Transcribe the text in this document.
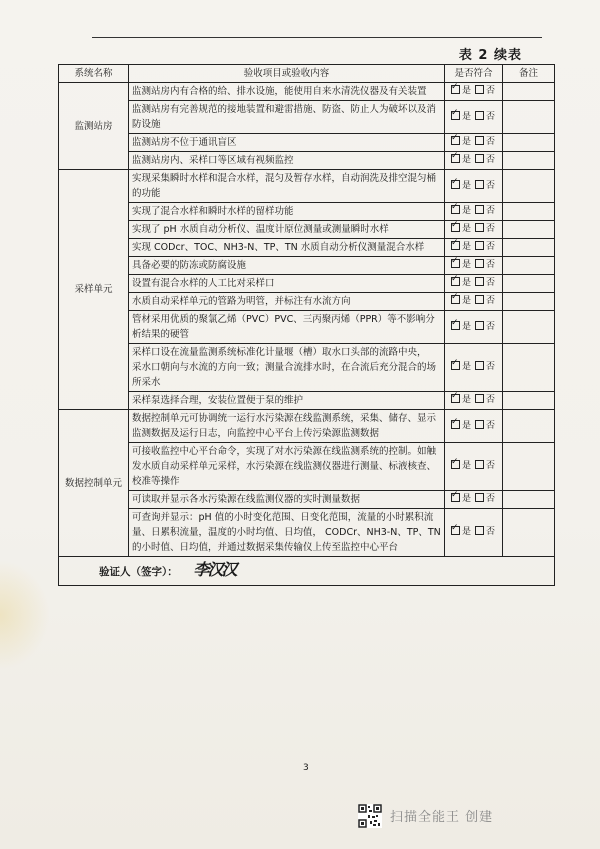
表 2 续表
系统名称	验收项目或验收内容	是否符合	备注
监测站房	监测站房内有合格的给、排水设施，能使用自来水清洗仪器及有关装置	✓是 否	
	监测站房有完善规范的接地装置和避雷措施、防盗、防止人为破坏以及消防设施	✓是 否	
	监测站房不位于通讯盲区	✓是 否	
	监测站房内、采样口等区域有视频监控	✓是 否	
采样单元	实现采集瞬时水样和混合水样，混匀及暂存水样，自动润洗及排空混匀桶的功能	✓是 否	
	实现了混合水样和瞬时水样的留样功能	✓是 否	
	实现了 pH 水质自动分析仪、温度计原位测量或测量瞬时水样	✓是 否	
	实现 CODcr、TOC、NH3-N、TP、TN 水质自动分析仪测量混合水样	✓是 否	
	具备必要的防冻或防腐设施	✓是 否	
	设置有混合水样的人工比对采样口	✓是 否	
	水质自动采样单元的管路为明管，并标注有水流方向	✓是 否	
	管材采用优质的聚氯乙烯（PVC）PVC、三丙聚丙烯（PPR）等不影响分析结果的硬管	✓是 否	
	采样口设在流量监测系统标准化计量堰（槽）取水口头部的流路中央，
采水口朝向与水流的方向一致；测量合流排水时，在合流后充分混合的场所采水	✓是 否	
	采样泵选择合理，安装位置便于泵的维护	✓是 否	
数据控制单元	数据控制单元可协调统一运行水污染源在线监测系统，采集、储存、显示监测数据及运行日志，向监控中心平台上传污染源监测数据	✓是 否	
	可接收监控中心平台命令，实现了对水污染源在线监测系统的控制。如触发水质自动采样单元采样，水污染源在线监测仪器进行测量、标液核查、校准等操作	✓是 否	
	可读取并显示各水污染源在线监测仪器的实时测量数据	✓是 否	
	可查询并显示：pH 值的小时变化范围、日变化范围，流量的小时累积流量、日累积流量，温度的小时均值、日均值， CODCr、NH3-N、TP、TN 的小时值、日均值，并通过数据采集传输仪上传至监控中心平台	✓是 否	
验证人（签字）： 李汉汉			
3
扫描全能王 创建
